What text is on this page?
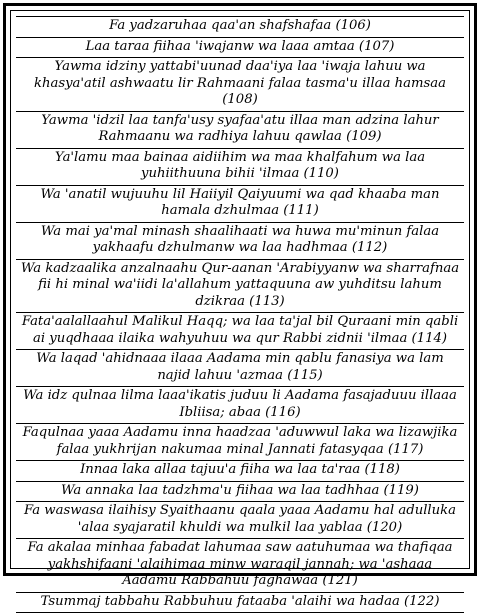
Fa yadzaruhaa qaa'an shafshafaa (106)
Laa taraa fiihaa 'iwajanw wa laaa amtaa (107)
Yawma idziny yattabi'uunad daa'iya laa 'iwaja lahuu wa khasya'atil ashwaatu lir Rahmaani falaa tasma'u illaa hamsaa (108)
Yawma 'idzil laa tanfa'usy syafaa'atu illaa man adzina lahur Rahmaanu wa radhiya lahuu qawlaa (109)
Ya'lamu maa bainaa aidiihim wa maa khalfahum wa laa yuhiithuuna bihii 'ilmaa (110)
Wa 'anatil wujuuhu lil Haiiyil Qaiyuumi wa qad khaaba man hamala dzhulmaa (111)
Wa mai ya'mal minash shaalihaati wa huwa mu'minun falaa yakhaafu dzhulmanw wa laa hadhmaa (112)
Wa kadzaalika anzalnaahu Qur-aanan 'Arabiyyanw wa sharrafnaa fii hi minal wa'iidi la'allahum yattaquuna aw yuhditsu lahum dzikraa (113)
Fata'aalallaahul Malikul Haqq; wa laa ta'jal bil Quraani min qabli ai yuqdhaaa ilaika wahyuhuu wa qur Rabbi zidnii 'ilmaa (114)
Wa laqad 'ahidnaaa ilaaa Aadama min qablu fanasiya wa lam najid lahuu 'azmaa (115)
Wa idz qulnaa lilma laaa'ikatis juduu li Aadama fasajaduuu illaaa Ibliisa; abaa (116)
Faqulnaa yaaa Aadamu inna haadzaa 'aduwwul laka wa lizawjika falaa yukhrijan nakumaa minal Jannati fatasyqaa (117)
Innaa laka allaa tajuu'a fiiha wa laa ta'raa (118)
Wa annaka laa tadzhma'u fiihaa wa laa tadhhaa (119)
Fa waswasa ilaihisy Syaithaanu qaala yaaa Aadamu hal adulluka 'alaa syajaratil khuldi wa mulkil laa yablaa (120)
Fa akalaa minhaa fabadat lahumaa saw aatuhumaa wa thafiqaa yakhshifaani 'alaihimaa minw waraqil jannah; wa 'ashaaa Aadamu Rabbahuu faghawaa (121)
Tsummaj tabbahu Rabbuhuu fataaba 'alaihi wa hadaa (122)
